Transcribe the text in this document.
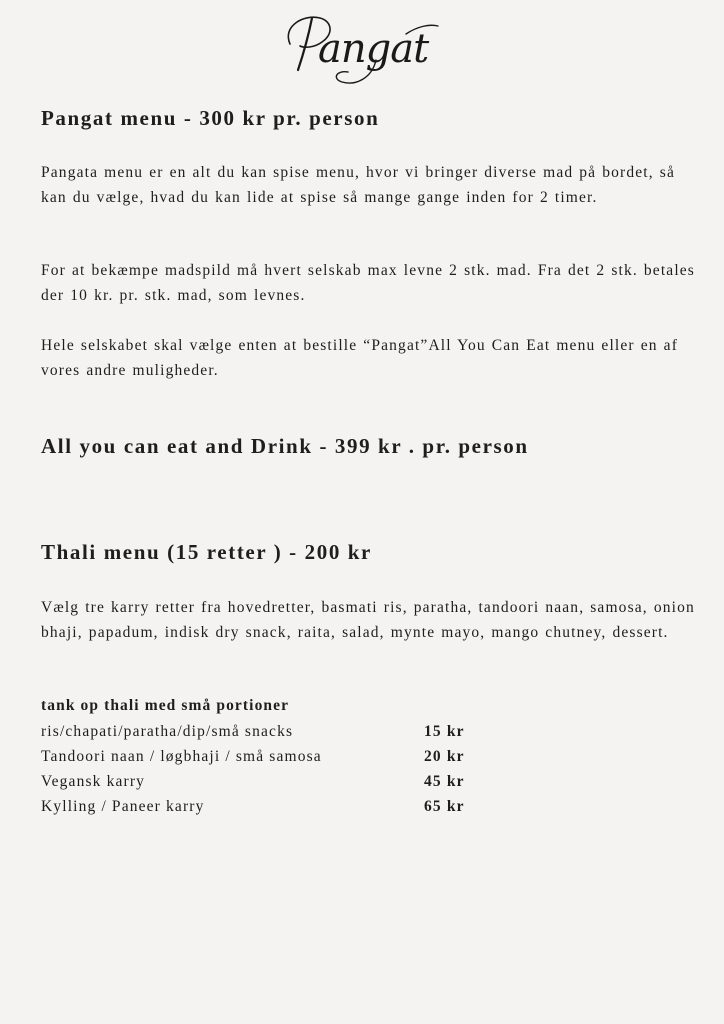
angat
Pangat menu - 300 kr pr. person

Pangata menu er en alt du kan spise menu, hvor vi bringer diverse mad på bordet, så kan du vælge, hvad du kan lide at spise så mange gange inden for 2 timer.

For at bekæmpe madspild må hvert selskab max levne 2 stk. mad. Fra det 2 stk. betales der 10 kr. pr. stk. mad, som levnes.

Hele selskabet skal vælge enten at bestille “Pangat”All You Can Eat menu eller en af vores andre muligheder.

All you can eat and Drink - 399 kr . pr. person
Thali menu (15 retter ) - 200 kr

Vælg tre karry retter fra hovedretter, basmati ris, paratha, tandoori naan, samosa, onion bhaji, papadum, indisk dry snack, raita, salad, mynte mayo, mango chutney, dessert.

tank op thali med små portioner
ris/chapati/paratha/dip/små snacks	15 kr
Tandoori naan / løgbhaji / små samosa	20 kr
Vegansk karry	45 kr
Kylling / Paneer karry	65 kr
